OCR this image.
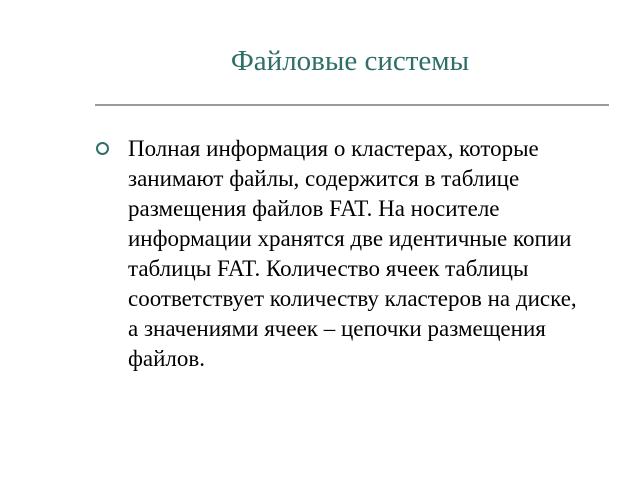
Файловые системы
Полная информация о кластерах, которые занимают файлы, содержится в таблице размещения файлов FAT. На носителе информации хранятся две идентичные копии таблицы FAT. Количество ячеек таблицы соответствует количеству кластеров на диске, а значениями ячеек – цепочки размещения файлов.
